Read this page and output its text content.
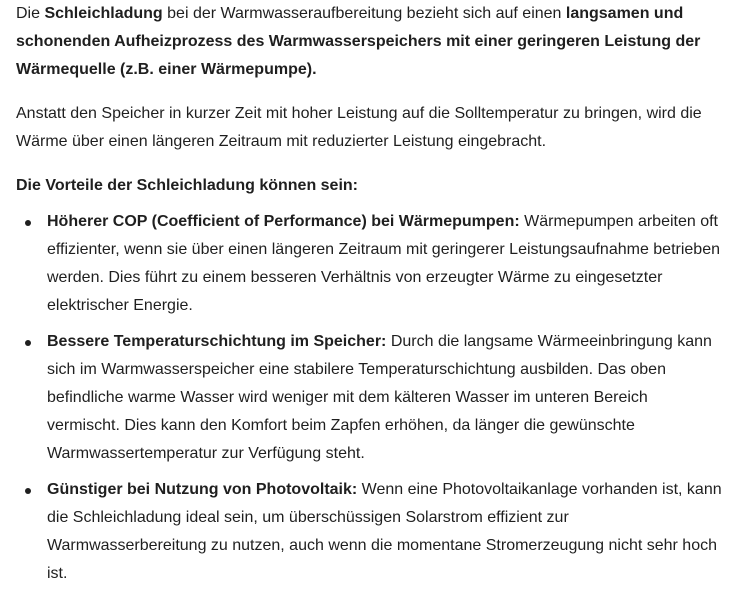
Die Schleichladung bei der Warmwasseraufbereitung bezieht sich auf einen langsamen und schonenden Aufheizprozess des Warmwasserspeichers mit einer geringeren Leistung der Wärmequelle (z.B. einer Wärmepumpe).

Anstatt den Speicher in kurzer Zeit mit hoher Leistung auf die Solltemperatur zu bringen, wird die Wärme über einen längeren Zeitraum mit reduzierter Leistung eingebracht.

Die Vorteile der Schleichladung können sein:

Höherer COP (Coefficient of Performance) bei Wärmepumpen: Wärmepumpen arbeiten oft effizienter, wenn sie über einen längeren Zeitraum mit geringerer Leistungsaufnahme betrieben werden. Dies führt zu einem besseren Verhältnis von erzeugter Wärme zu eingesetzter elektrischer Energie.
Bessere Temperaturschichtung im Speicher: Durch die langsame Wärmeeinbringung kann sich im Warmwasserspeicher eine stabilere Temperaturschichtung ausbilden. Das oben befindliche warme Wasser wird weniger mit dem kälteren Wasser im unteren Bereich vermischt. Dies kann den Komfort beim Zapfen erhöhen, da länger die gewünschte Warmwassertemperatur zur Verfügung steht.
Günstiger bei Nutzung von Photovoltaik: Wenn eine Photovoltaikanlage vorhanden ist, kann die Schleichladung ideal sein, um überschüssigen Solarstrom effizient zur Warmwasserbereitung zu nutzen, auch wenn die momentane Stromerzeugung nicht sehr hoch ist.
